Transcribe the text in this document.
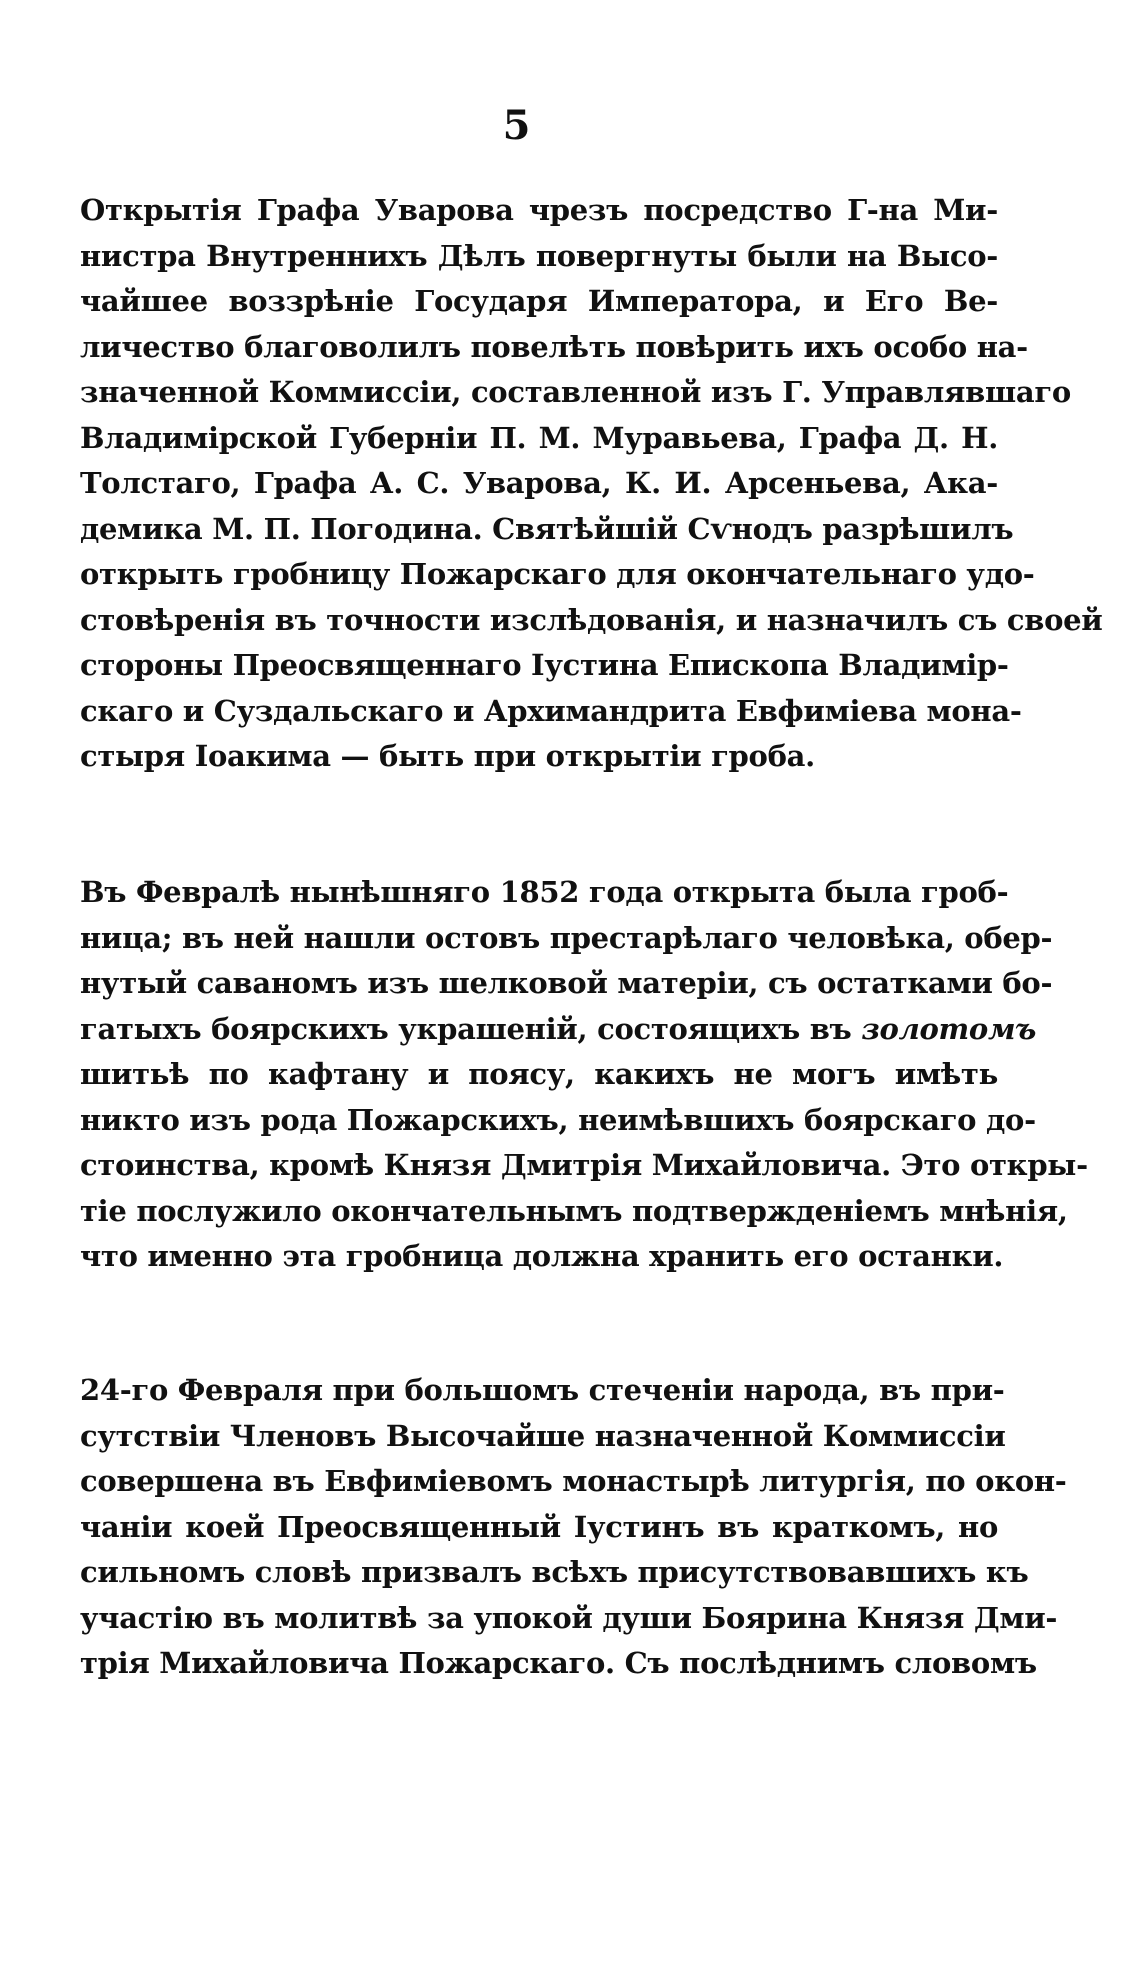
5
Открытія Графа Уварова чрезъ посредство Г-на Ми-
нистра Внутреннихъ Дѣлъ повергнуты были на Высо-
чайшее воззрѣніе Государя Императора, и Его Ве-
личество благоволилъ повелѣть повѣрить ихъ особо на-
значенной Коммиссіи, составленной изъ Г. Управлявшаго
Владимірской Губерніи П. М. Муравьева, Графа Д. Н.
Толстаго, Графа А. С. Уварова, К. И. Арсеньева, Ака-
демика М. П. Погодина. Святѣйшій Сѵнодъ разрѣшилъ
открыть гробницу Пожарскаго для окончательнаго удо-
стовѣренія въ точности изслѣдованія, и назначилъ съ своей
стороны Преосвященнаго Іустина Епископа Владимір-
скаго и Суздальскаго и Архимандрита Евфиміева мона-
стыря Іоакима — быть при открытіи гроба.
Въ Февралѣ нынѣшняго 1852 года открыта была гроб-
ница; въ ней нашли остовъ престарѣлаго человѣка, обер-
нутый саваномъ изъ шелковой матеріи, съ остатками бо-
гатыхъ боярскихъ украшеній, состоящихъ въ золотомъ
шитьѣ по кафтану и поясу, какихъ не могъ имѣть
никто изъ рода Пожарскихъ, неимѣвшихъ боярскаго до-
стоинства, кромѣ Князя Дмитрія Михайловича. Это откры-
тіе послужило окончательнымъ подтвержденіемъ мнѣнія,
что именно эта гробница должна хранить его останки.
24-го Февраля при большомъ стеченіи народа, въ при-
сутствіи Членовъ Высочайше назначенной Коммиссіи
совершена въ Евфиміевомъ монастырѣ литургія, по окон-
чаніи коей Преосвященный Іустинъ въ краткомъ, но
сильномъ словѣ призвалъ всѣхъ присутствовавшихъ къ
участію въ молитвѣ за упокой души Боярина Князя Дми-
трія Михайловича Пожарскаго. Съ послѣднимъ словомъ
